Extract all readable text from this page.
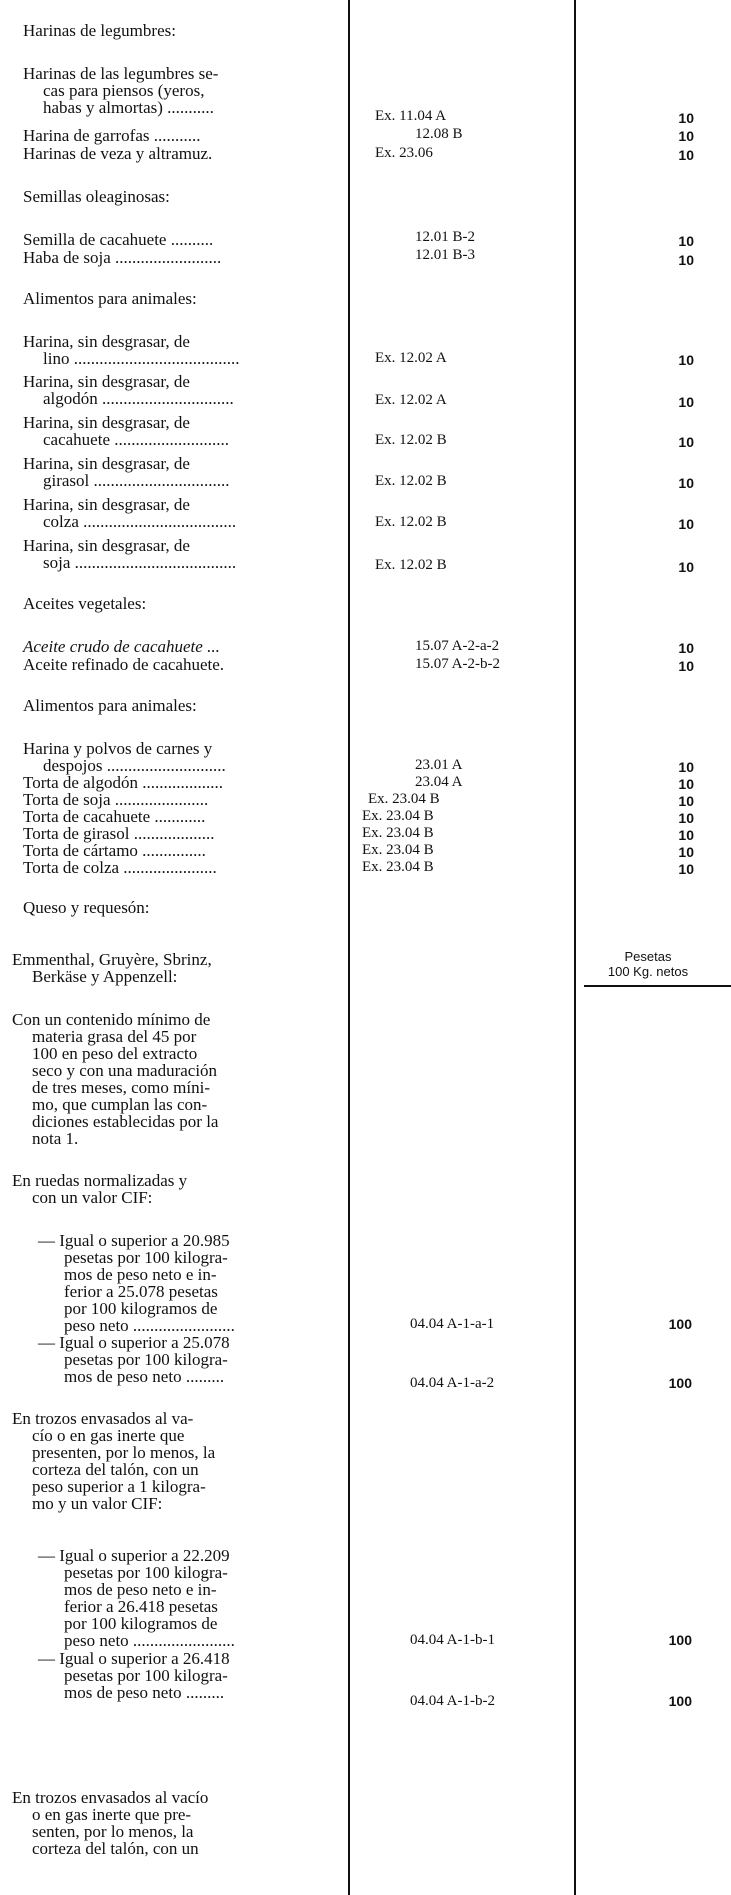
Harinas de legumbres:
Harinas de las legumbres se-
cas para piensos (yeros,
habas y almortas) ...........	Ex. 11.04 A	10
Harina de garrofas ...........	12.08 B	10
Harinas de veza y altramuz.	Ex. 23.06	10
Semillas oleaginosas:
Semilla de cacahuete ..........	12.01 B-2	10
Haba de soja .........................	12.01 B-3	10
Alimentos para animales:
Harina, sin desgrasar, de
lino .......................................	Ex. 12.02 A	10
Harina, sin desgrasar, de
algodón ...............................	Ex. 12.02 A	10
Harina, sin desgrasar, de
cacahuete ...........................	Ex. 12.02 B	10
Harina, sin desgrasar, de
girasol ................................	Ex. 12.02 B	10
Harina, sin desgrasar, de
colza ....................................	Ex. 12.02 B	10
Harina, sin desgrasar, de
soja ......................................	Ex. 12.02 B	10
Aceites vegetales:
Aceite crudo de cacahuete ...	15.07 A-2-a-2	10
Aceite refinado de cacahuete.	15.07 A-2-b-2	10
Alimentos para animales:
Harina y polvos de carnes y
despojos ............................	23.01 A	10
Torta de algodón ...................	23.04 A	10
Torta de soja ......................	Ex. 23.04 B	10
Torta de cacahuete ............	Ex. 23.04 B	10
Torta de girasol ...................	Ex. 23.04 B	10
Torta de cártamo ...............	Ex. 23.04 B	10
Torta de colza ......................	Ex. 23.04 B	10
Queso y requesón:
Pesetas
100 Kg. netos
Emmenthal, Gruyère, Sbrinz,
Berkäse y Appenzell:
Con un contenido mínimo de
materia grasa del 45 por
100 en peso del extracto
seco y con una maduración
de tres meses, como míni-
mo, que cumplan las con-
diciones establecidas por la
nota 1.
En ruedas normalizadas y
con un valor CIF:
— Igual o superior a 20.985
pesetas por 100 kilogra-
mos de peso neto e in-
ferior a 25.078 pesetas
por 100 kilogramos de
peso neto ........................	04.04 A-1-a-1	100
— Igual o superior a 25.078
pesetas por 100 kilogra-
mos de peso neto .........	04.04 A-1-a-2	100
En trozos envasados al va-
cío o en gas inerte que
presenten, por lo menos, la
corteza del talón, con un
peso superior a 1 kilogra-
mo y un valor CIF:
— Igual o superior a 22.209
pesetas por 100 kilogra-
mos de peso neto e in-
ferior a 26.418 pesetas
por 100 kilogramos de
peso neto ........................	04.04 A-1-b-1	100
— Igual o superior a 26.418
pesetas por 100 kilogra-
mos de peso neto .........	04.04 A-1-b-2	100
En trozos envasados al vacío
o en gas inerte que pre-
senten, por lo menos, la
corteza del talón, con un
